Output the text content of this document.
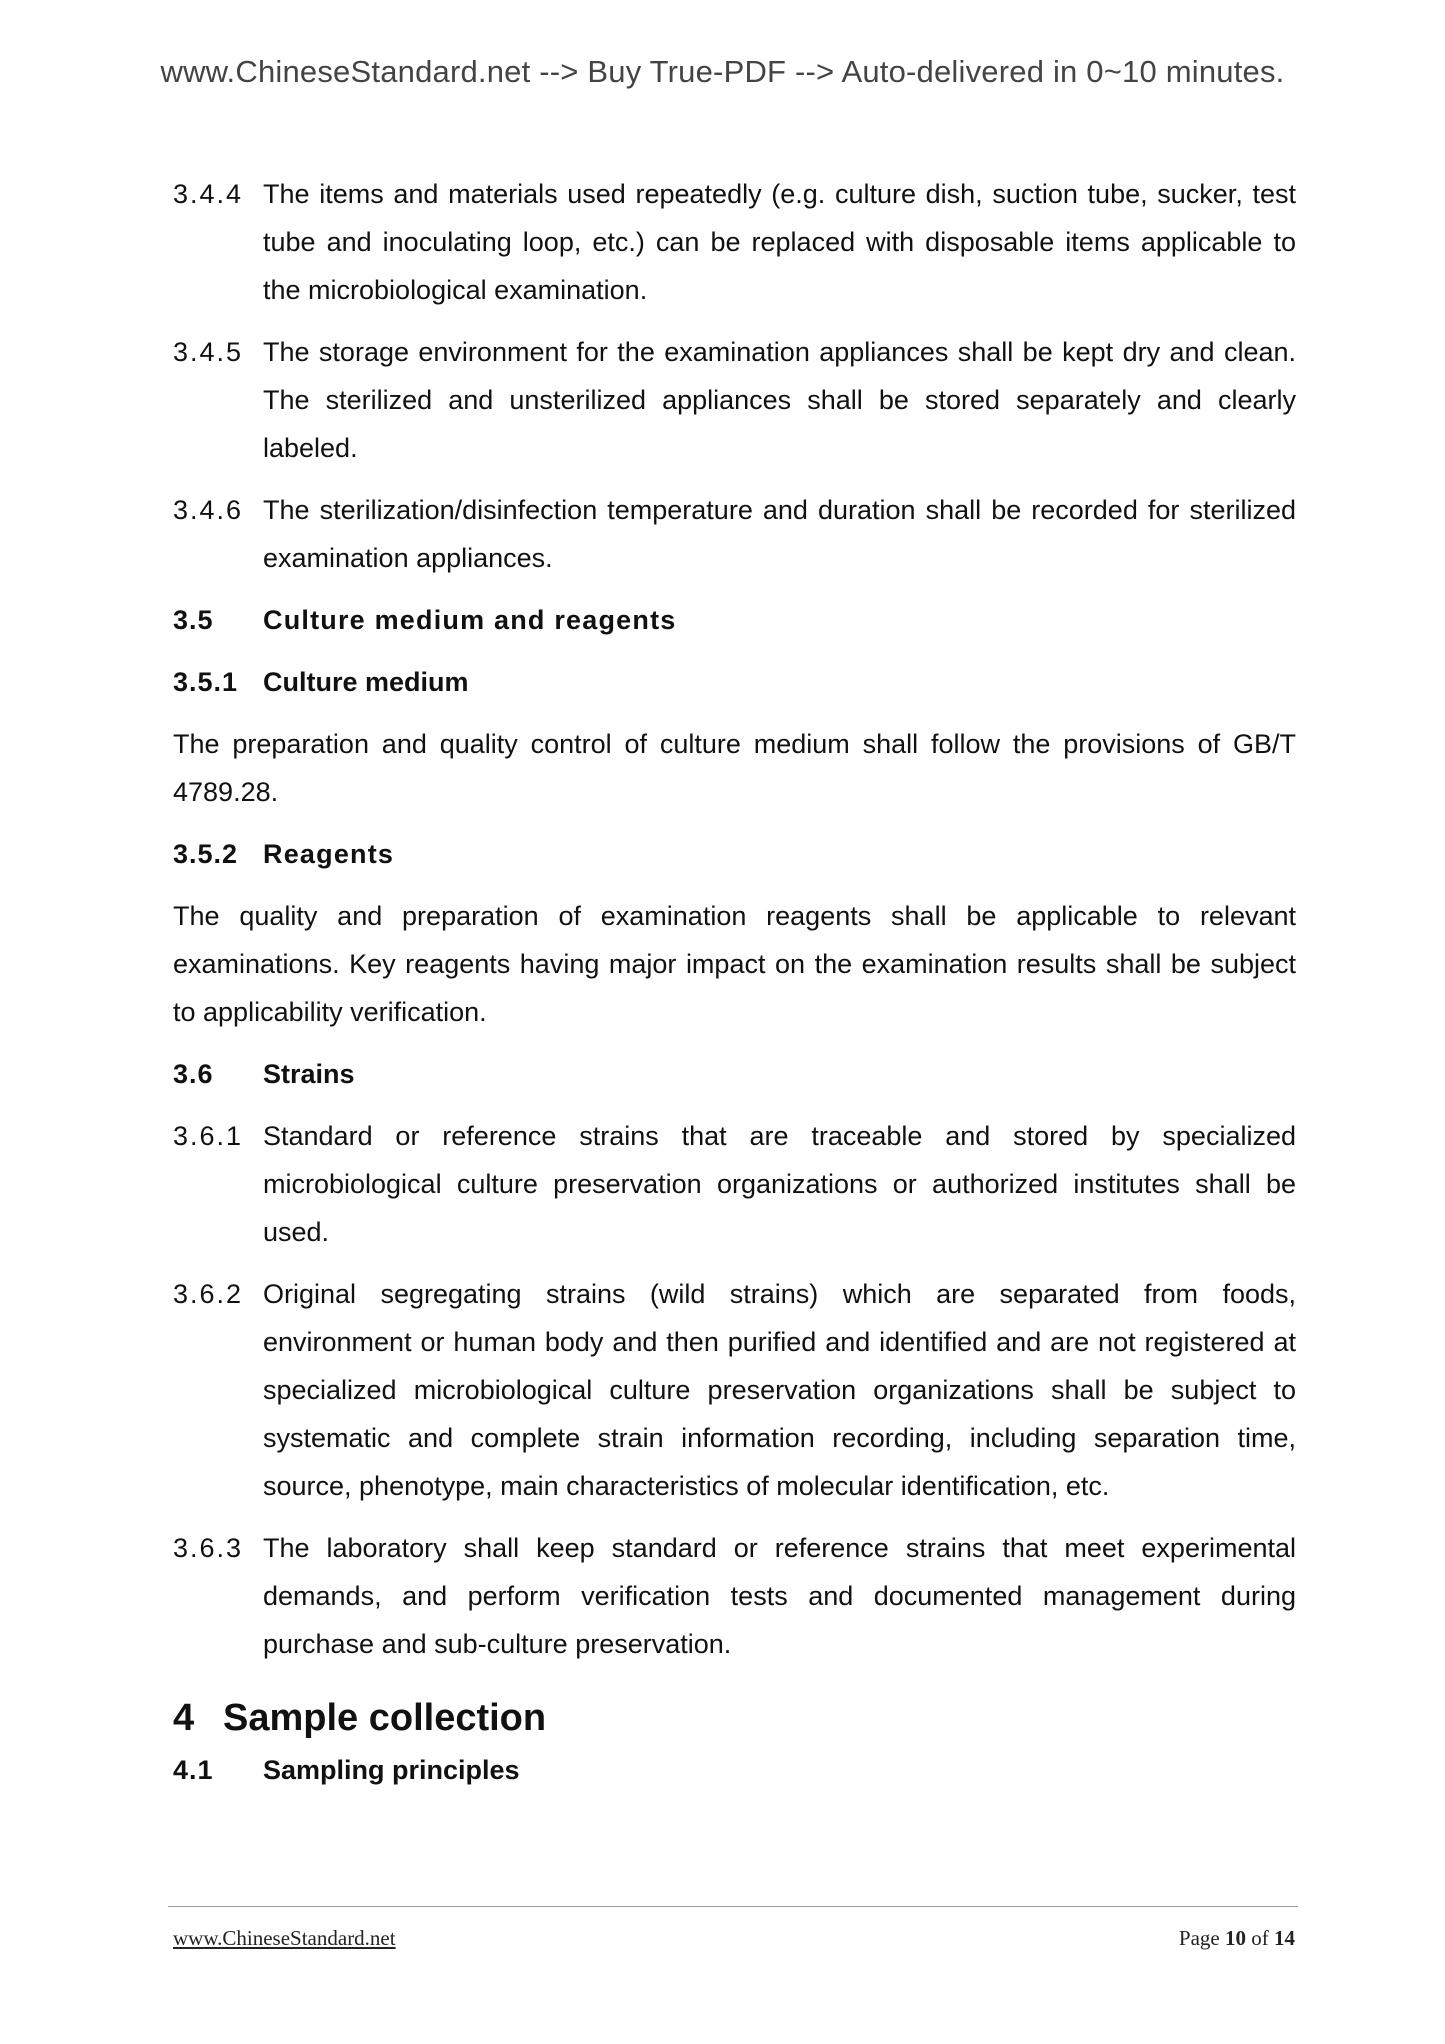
www.ChineseStandard.net --> Buy True-PDF --> Auto-delivered in 0~10 minutes.
3.4.4 The items and materials used repeatedly (e.g. culture dish, suction tube, sucker, test tube and inoculating loop, etc.) can be replaced with disposable items applicable to the microbiological examination.
3.4.5 The storage environment for the examination appliances shall be kept dry and clean. The sterilized and unsterilized appliances shall be stored separately and clearly labeled.
3.4.6 The sterilization/disinfection temperature and duration shall be recorded for sterilized examination appliances.
3.5 Culture medium and reagents
3.5.1 Culture medium
The preparation and quality control of culture medium shall follow the provisions of GB/T 4789.28.
3.5.2 Reagents
The quality and preparation of examination reagents shall be applicable to relevant examinations. Key reagents having major impact on the examination results shall be subject to applicability verification.
3.6 Strains
3.6.1 Standard or reference strains that are traceable and stored by specialized microbiological culture preservation organizations or authorized institutes shall be used.
3.6.2 Original segregating strains (wild strains) which are separated from foods, environment or human body and then purified and identified and are not registered at specialized microbiological culture preservation organizations shall be subject to systematic and complete strain information recording, including separation time, source, phenotype, main characteristics of molecular identification, etc.
3.6.3 The laboratory shall keep standard or reference strains that meet experimental demands, and perform verification tests and documented management during purchase and sub-culture preservation.
4 Sample collection
4.1 Sampling principles
www.ChineseStandard.net	Page 10 of 14
